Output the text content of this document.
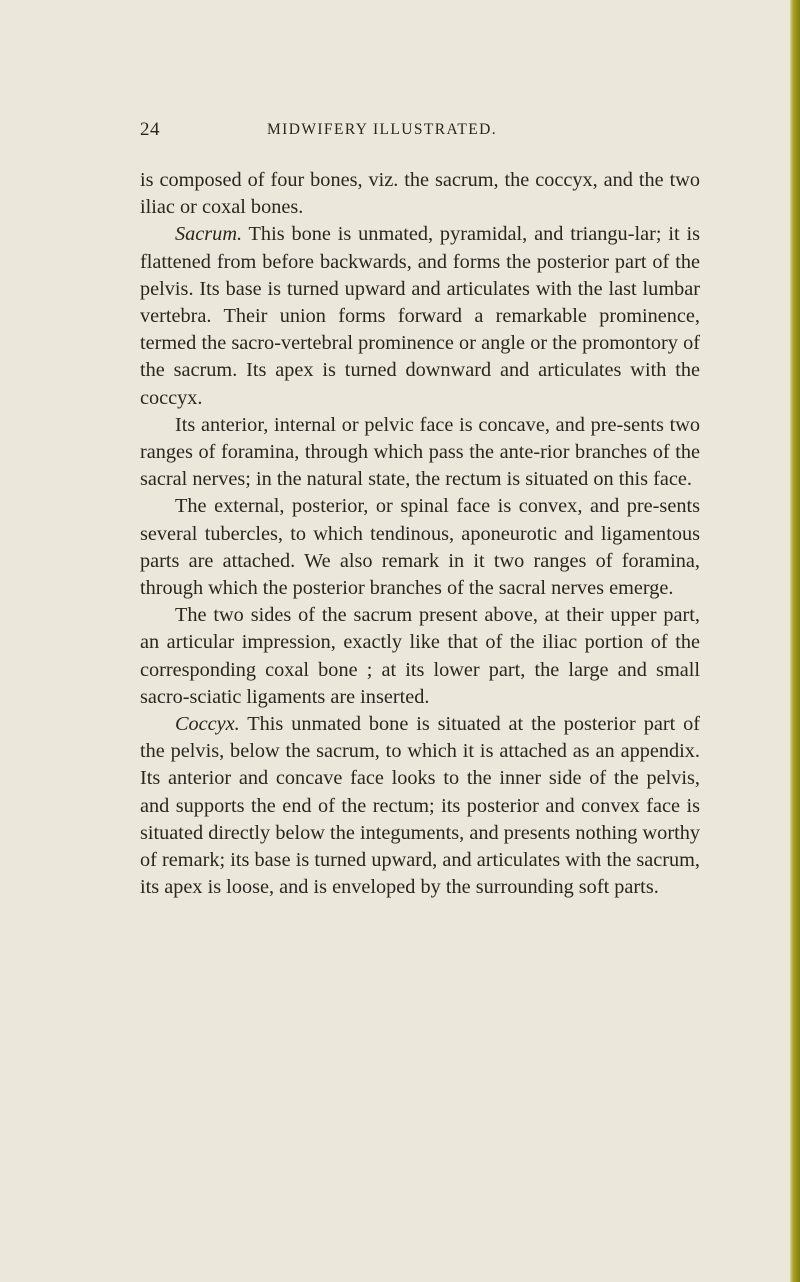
24	MIDWIFERY ILLUSTRATED.

is composed of four bones, viz. the sacrum, the coccyx, and the two iliac or coxal bones.

Sacrum. This bone is unmated, pyramidal, and triangu-lar; it is flattened from before backwards, and forms the posterior part of the pelvis. Its base is turned upward and articulates with the last lumbar vertebra. Their union forms forward a remarkable prominence, termed the sacro-vertebral prominence or angle or the promontory of the sacrum. Its apex is turned downward and articulates with the coccyx.

Its anterior, internal or pelvic face is concave, and pre-sents two ranges of foramina, through which pass the ante-rior branches of the sacral nerves; in the natural state, the rectum is situated on this face.

The external, posterior, or spinal face is convex, and pre-sents several tubercles, to which tendinous, aponeurotic and ligamentous parts are attached. We also remark in it two ranges of foramina, through which the posterior branches of the sacral nerves emerge.

The two sides of the sacrum present above, at their upper part, an articular impression, exactly like that of the iliac portion of the corresponding coxal bone ; at its lower part, the large and small sacro-sciatic ligaments are inserted.

Coccyx. This unmated bone is situated at the posterior part of the pelvis, below the sacrum, to which it is attached as an appendix. Its anterior and concave face looks to the inner side of the pelvis, and supports the end of the rectum; its posterior and convex face is situated directly below the integuments, and presents nothing worthy of remark; its base is turned upward, and articulates with the sacrum, its apex is loose, and is enveloped by the surrounding soft parts.
